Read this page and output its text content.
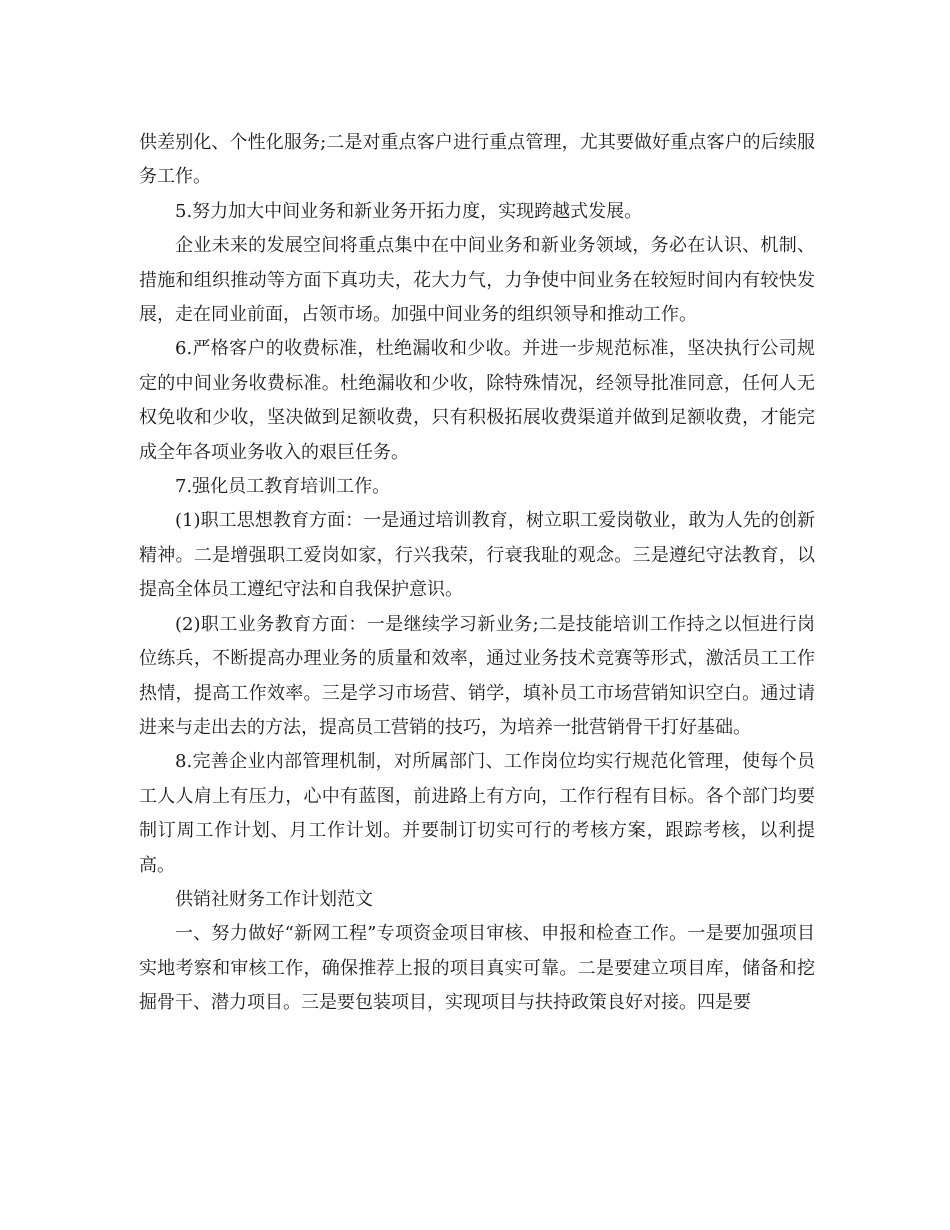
供差别化、个性化服务;二是对重点客户进行重点管理，尤其要做好重点客户的后续服务工作。

5.努力加大中间业务和新业务开拓力度，实现跨越式发展。

企业未来的发展空间将重点集中在中间业务和新业务领域，务必在认识、机制、措施和组织推动等方面下真功夫，花大力气，力争使中间业务在较短时间内有较快发展，走在同业前面，占领市场。加强中间业务的组织领导和推动工作。

6.严格客户的收费标准，杜绝漏收和少收。并进一步规范标准，坚决执行公司规定的中间业务收费标准。杜绝漏收和少收，除特殊情况，经领导批准同意，任何人无权免收和少收，坚决做到足额收费，只有积极拓展收费渠道并做到足额收费，才能完成全年各项业务收入的艰巨任务。

7.强化员工教育培训工作。

(1)职工思想教育方面：一是通过培训教育，树立职工爱岗敬业，敢为人先的创新精神。二是增强职工爱岗如家，行兴我荣，行衰我耻的观念。三是遵纪守法教育，以提高全体员工遵纪守法和自我保护意识。

(2)职工业务教育方面：一是继续学习新业务;二是技能培训工作持之以恒进行岗位练兵，不断提高办理业务的质量和效率，通过业务技术竞赛等形式，激活员工工作热情，提高工作效率。三是学习市场营、销学，填补员工市场营销知识空白。通过请进来与走出去的方法，提高员工营销的技巧，为培养一批营销骨干打好基础。

8.完善企业内部管理机制，对所属部门、工作岗位均实行规范化管理，使每个员工人人肩上有压力，心中有蓝图，前进路上有方向，工作行程有目标。各个部门均要制订周工作计划、月工作计划。并要制订切实可行的考核方案，跟踪考核，以利提高。

供销社财务工作计划范文

一、努力做好“新网工程”专项资金项目审核、申报和检查工作。一是要加强项目实地考察和审核工作，确保推荐上报的项目真实可靠。二是要建立项目库，储备和挖掘骨干、潜力项目。三是要包装项目，实现项目与扶持政策良好对接。四是要
